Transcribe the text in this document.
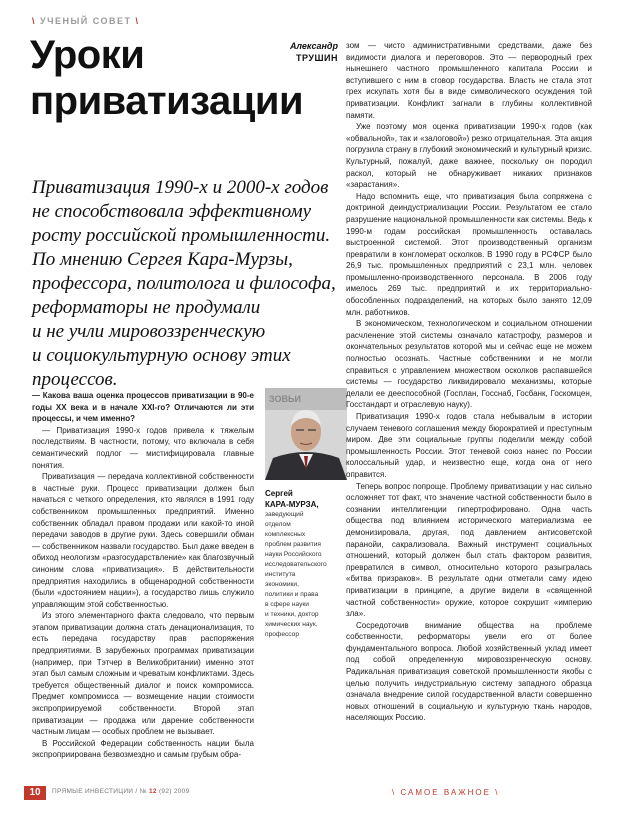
\ УЧЕНЫЙ СОВЕТ \
Уроки
приватизации
Александр
ТРУШИН
Приватизация 1990-х и 2000-х годов
не способствовала эффективному
росту российской промышленности.
По мнению Сергея Кара-Мурзы,
профессора, политолога и философа,
реформаторы не продумали
и не учли мировоззренческую
и социокультурную основу этих
процессов.

— Какова ваша оценка процессов приватизации в 90-е годы XX века и в начале XXI-го? Отличаются ли эти процессы, и чем именно?

— Приватизация 1990-х годов привела к тяжелым последствиям. В частности, потому, что включала в себя семантический подлог — мистифицировала главные понятия.

Приватизация — передача коллективной собственности в частные руки. Процесс приватизации должен был начаться с четкого определения, кто являлся в 1991 году собственником промышленных предприятий. Именно собственник обладал правом продажи или какой-то иной передачи заводов в другие руки. Здесь совершили обман — собственником назвали государство. Был даже введен в обиход неологизм «разгосударствление» как благозвучный синоним слова «приватизация». В действительности предприятия находились в общенародной собственности (были «достоянием нации»), а государство лишь служило управляющим этой собственностью.

Из этого элементарного факта следовало, что первым этапом приватизации должна стать денационализация, то есть передача государству прав распоряжения предприятиями. В зарубежных программах приватизации (например, при Тэтчер в Великобритании) именно этот этап был самым сложным и чреватым конфликтами. Здесь требуется общественный диалог и поиск компромисса. Предмет компромисса — возмещение нации стоимости экспроприируемой собственности. Второй этап приватизации — продажа или дарение собственности частным лицам — особых проблем не вызывает.

В Российской Федерации собственность нации была экспроприирована безвозмездно и самым грубым обра-

ЗОВЬИ
Сергей
КАРА-МУРЗА,
заведующий
отделом
комплексных
проблем развития
науки Российского
исследовательского
института
экономики,
политики и права
в сфере науки
и техники, доктор
химических наук,
профессор

зом — чисто административными средствами, даже без видимости диалога и переговоров. Это — первородный грех нынешнего частного промышленного капитала России и вступившего с ним в сговор государства. Власть не стала этот грех искупать хотя бы в виде символического осуждения той приватизации. Конфликт загнали в глубины коллективной памяти.

Уже поэтому моя оценка приватизации 1990-х годов (как «обвальной», так и «залоговой») резко отрицательная. Эта акция погрузила страну в глубокий экономический и культурный кризис. Культурный, пожалуй, даже важнее, поскольку он породил раскол, который не обнаруживает никаких признаков «зарастания».

Надо вспомнить еще, что приватизация была сопряжена с доктриной деиндустриализации России. Результатом ее стало разрушение национальной промышленности как системы. Ведь к 1990-м годам российская промышленность оставалась выстроенной системой. Этот производственный организм превратили в конгломерат осколков. В 1990 году в РСФСР было 26,9 тыс. промышленных предприятий с 23,1 млн. человек промышленно-производственного персонала. В 2006 году имелось 269 тыс. предприятий и их территориально-обособленных подразделений, на которых было занято 12,09 млн. работников.

В экономическом, технологическом и социальном отношении расчленение этой системы означало катастрофу, размеров и окончательных результатов которой мы и сейчас еще не можем полностью осознать. Частные собственники и не могли справиться с управлением множеством осколков распавшейся системы — государство ликвидировало механизмы, которые делали ее дееспособной (Госплан, Госснаб, Госбанк, Госкомцен, Госстандарт и отраслевую науку).

Приватизация 1990-х годов стала небывалым в истории случаем теневого соглашения между бюрократией и преступным миром. Две эти социальные группы поделили между собой промышленность России. Этот теневой союз нанес по России колоссальный удар, и неизвестно еще, когда она от него оправится.

Теперь вопрос попроще. Проблему приватизации у нас сильно осложняет тот факт, что значение частной собственности было в сознании интеллигенции гипертрофировано. Одна часть общества под влиянием исторического материализма ее демонизировала, другая, под давлением антисоветской паранойи, сакрализовала. Важный инструмент социальных отношений, который должен был стать фактором развития, превратился в символ, относительно которого разыгралась «битва призраков». В результате одни отметали саму идею приватизации в принципе, а другие видели в «священной частной собственности» оружие, которое сокрушит «империю зла».

Сосредоточив внимание общества на проблеме собственности, реформаторы увели его от более фундаментального вопроса. Любой хозяйственный уклад имеет под собой определенную мировоззренческую основу. Радикальная приватизация советской промышленности якобы с целью получить индустриальную систему западного образца означала внедрение силой государственной власти совершенно новых отношений в социальную и культурную ткань народов, населяющих Россию.

10	ПРЯМЫЕ ИНВЕСТИЦИИ / № 12 (92) 2009	\ САМОЕ ВАЖНОЕ \
